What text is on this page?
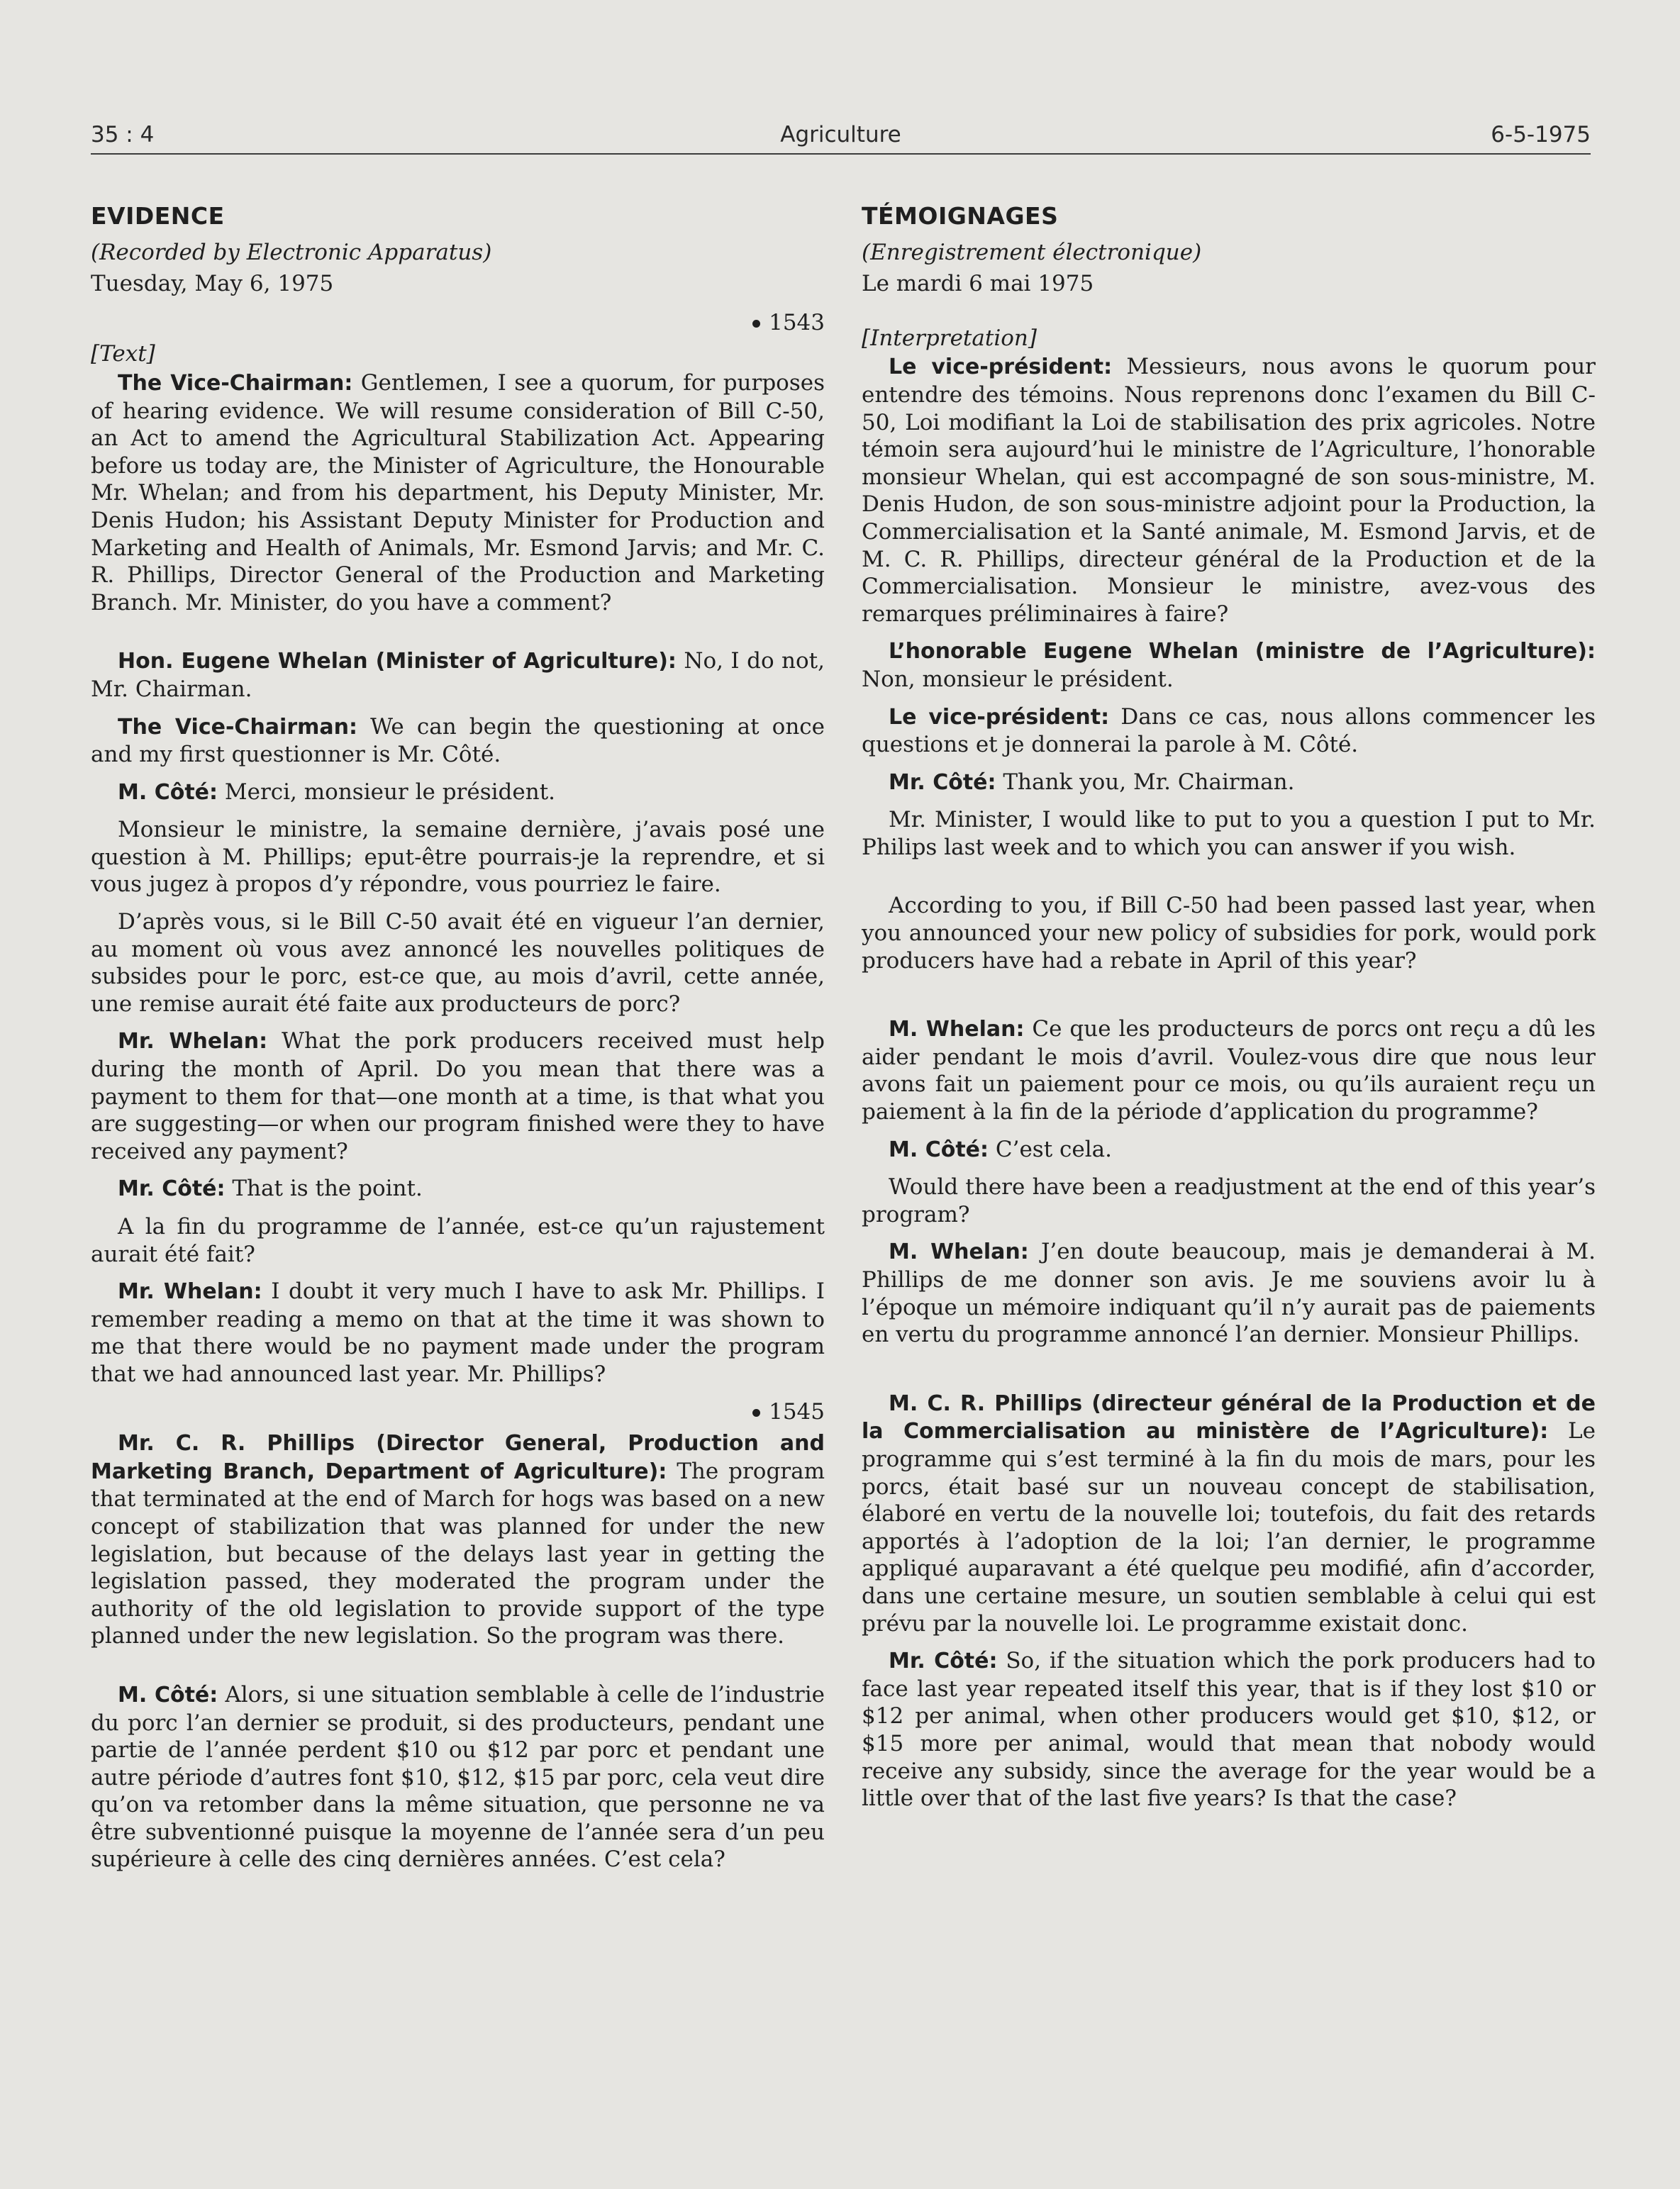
35 : 4	Agriculture	6-5-1975
EVIDENCE
(Recorded by Electronic Apparatus)
Tuesday, May 6, 1975
1543
[Text]

The Vice-Chairman: Gentlemen, I see a quorum, for purposes of hearing evidence. We will resume consideration of Bill C-50, an Act to amend the Agricultural Stabilization Act. Appearing before us today are, the Minister of Agriculture, the Honourable Mr. Whelan; and from his department, his Deputy Minister, Mr. Denis Hudon; his Assistant Deputy Minister for Production and Marketing and Health of Animals, Mr. Esmond Jarvis; and Mr. C. R. Phillips, Director General of the Production and Marketing Branch. Mr. Minister, do you have a comment?

Hon. Eugene Whelan (Minister of Agriculture): No, I do not, Mr. Chairman.

The Vice-Chairman: We can begin the questioning at once and my first questionner is Mr. Côté.

M. Côté: Merci, monsieur le président.

Monsieur le ministre, la semaine dernière, j’avais posé une question à M. Phillips; eput-être pourrais-je la reprendre, et si vous jugez à propos d’y répondre, vous pourriez le faire.

D’après vous, si le Bill C-50 avait été en vigueur l’an dernier, au moment où vous avez annoncé les nouvelles politiques de subsides pour le porc, est-ce que, au mois d’avril, cette année, une remise aurait été faite aux producteurs de porc?

Mr. Whelan: What the pork producers received must help during the month of April. Do you mean that there was a payment to them for that—one month at a time, is that what you are suggesting—or when our program finished were they to have received any payment?

Mr. Côté: That is the point.

A la fin du programme de l’année, est-ce qu’un rajustement aurait été fait?

Mr. Whelan: I doubt it very much I have to ask Mr. Phillips. I remember reading a memo on that at the time it was shown to me that there would be no payment made under the program that we had announced last year. Mr. Phillips?

1545

Mr. C. R. Phillips (Director General, Production and Marketing Branch, Department of Agriculture): The program that terminated at the end of March for hogs was based on a new concept of stabilization that was planned for under the new legislation, but because of the delays last year in getting the legislation passed, they moderated the program under the authority of the old legislation to provide support of the type planned under the new legislation. So the program was there.

M. Côté: Alors, si une situation semblable à celle de l’industrie du porc l’an dernier se produit, si des producteurs, pendant une partie de l’année perdent $10 ou $12 par porc et pendant une autre période d’autres font $10, $12, $15 par porc, cela veut dire qu’on va retomber dans la même situation, que personne ne va être subventionné puisque la moyenne de l’année sera d’un peu supérieure à celle des cinq dernières années. C’est cela?

TÉMOIGNAGES
(Enregistrement électronique)
Le mardi 6 mai 1975
[Interpretation]

Le vice-président: Messieurs, nous avons le quorum pour entendre des témoins. Nous reprenons donc l’examen du Bill C-50, Loi modifiant la Loi de stabilisation des prix agricoles. Notre témoin sera aujourd’hui le ministre de l’Agriculture, l’honorable monsieur Whelan, qui est accompagné de son sous-ministre, M. Denis Hudon, de son sous-ministre adjoint pour la Production, la Commercialisation et la Santé animale, M. Esmond Jarvis, et de M. C. R. Phillips, directeur général de la Production et de la Commercialisation. Monsieur le ministre, avez-vous des remarques préliminaires à faire?

L’honorable Eugene Whelan (ministre de l’Agriculture): Non, monsieur le président.

Le vice-président: Dans ce cas, nous allons commencer les questions et je donnerai la parole à M. Côté.

Mr. Côté: Thank you, Mr. Chairman.

Mr. Minister, I would like to put to you a question I put to Mr. Philips last week and to which you can answer if you wish.

According to you, if Bill C-50 had been passed last year, when you announced your new policy of subsidies for pork, would pork producers have had a rebate in April of this year?

M. Whelan: Ce que les producteurs de porcs ont reçu a dû les aider pendant le mois d’avril. Voulez-vous dire que nous leur avons fait un paiement pour ce mois, ou qu’ils auraient reçu un paiement à la fin de la période d’application du programme?

M. Côté: C’est cela.

Would there have been a readjustment at the end of this year’s program?

M. Whelan: J’en doute beaucoup, mais je demanderai à M. Phillips de me donner son avis. Je me souviens avoir lu à l’époque un mémoire indiquant qu’il n’y aurait pas de paiements en vertu du programme annoncé l’an dernier. Monsieur Phillips.

M. C. R. Phillips (directeur général de la Production et de la Commercialisation au ministère de l’Agriculture): Le programme qui s’est terminé à la fin du mois de mars, pour les porcs, était basé sur un nouveau concept de stabilisation, élaboré en vertu de la nouvelle loi; toutefois, du fait des retards apportés à l’adoption de la loi; l’an dernier, le programme appliqué auparavant a été quelque peu modifié, afin d’accorder, dans une certaine mesure, un soutien semblable à celui qui est prévu par la nouvelle loi. Le programme existait donc.

Mr. Côté: So, if the situation which the pork producers had to face last year repeated itself this year, that is if they lost $10 or $12 per animal, when other producers would get $10, $12, or $15 more per animal, would that mean that nobody would receive any subsidy, since the average for the year would be a little over that of the last five years? Is that the case?
